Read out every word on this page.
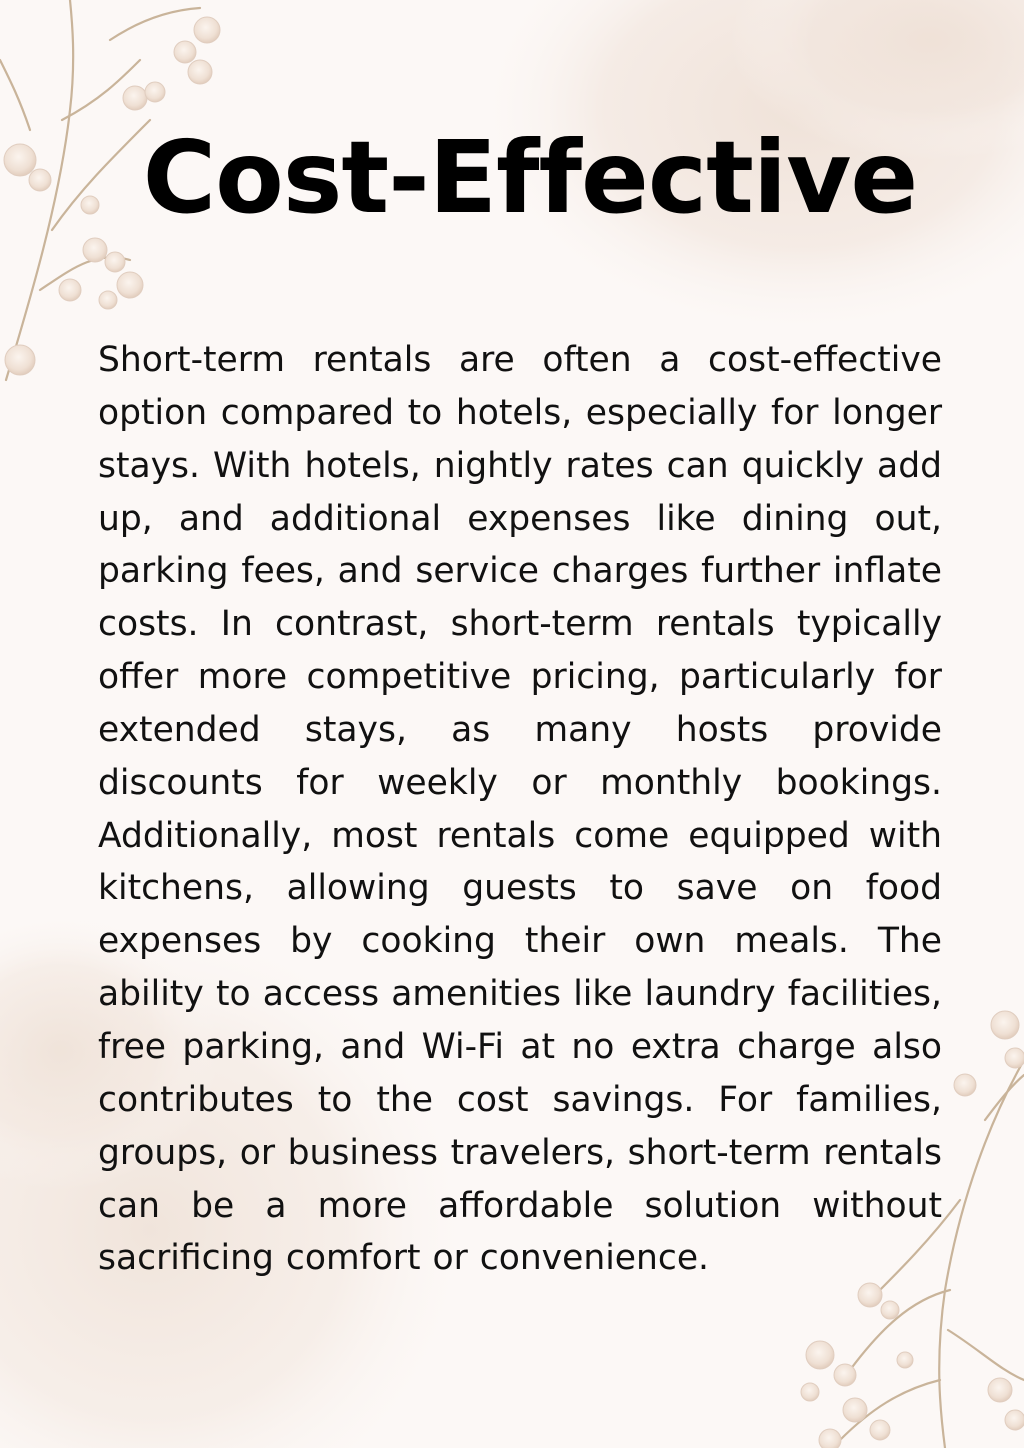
Cost-Effective

Short-term rentals are often a cost-effective option compared to hotels, especially for longer stays. With hotels, nightly rates can quickly add up, and additional expenses like dining out, parking fees, and service charges further inflate costs. In contrast, short-term rentals typically offer more competitive pricing, particularly for extended stays, as many hosts provide discounts for weekly or monthly bookings. Additionally, most rentals come equipped with kitchens, allowing guests to save on food expenses by cooking their own meals. The ability to access amenities like laundry facilities, free parking, and Wi-Fi at no extra charge also contributes to the cost savings. For families, groups, or business travelers, short-term rentals can be a more affordable solution without sacrificing comfort or convenience.
